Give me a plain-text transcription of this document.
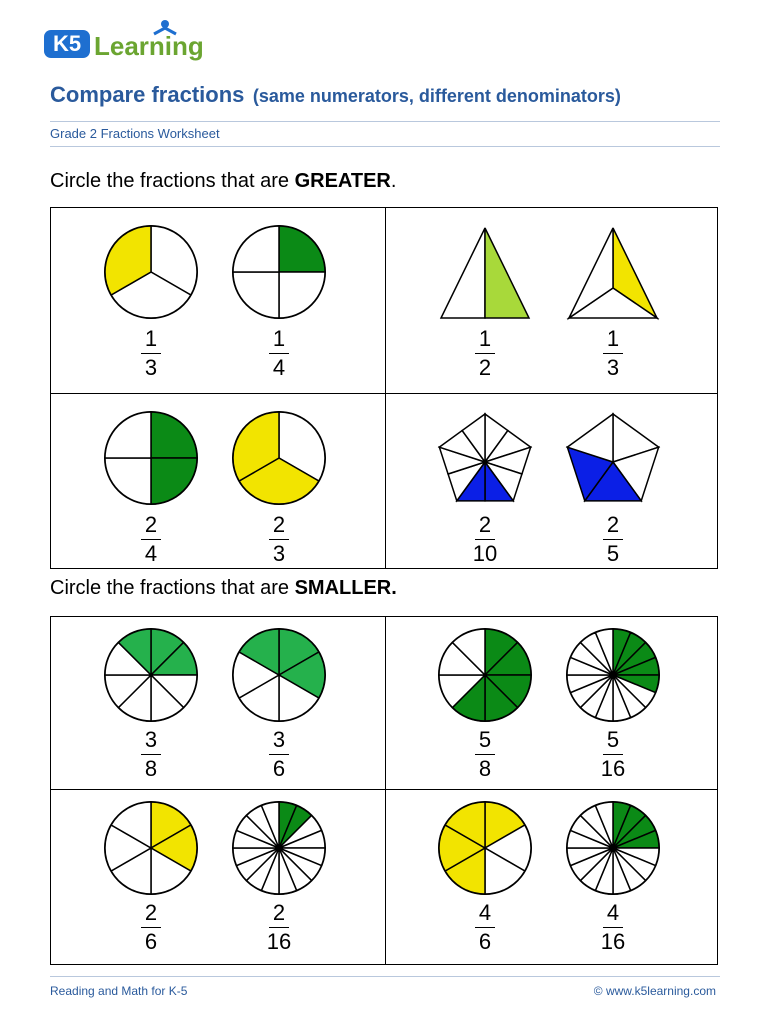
K5 Learning
Compare fractions (same numerators, different denominators)
Grade 2 Fractions Worksheet
Circle the fractions that are GREATER.
1
3
1
4
1
2
1
3
2
4
2
3
2
10
2
5
Circle the fractions that are SMALLER.
3
8
3
6
5
8
5
16
2
6
2
16
4
6
4
16
Reading and Math for K-5	© www.k5learning.com
